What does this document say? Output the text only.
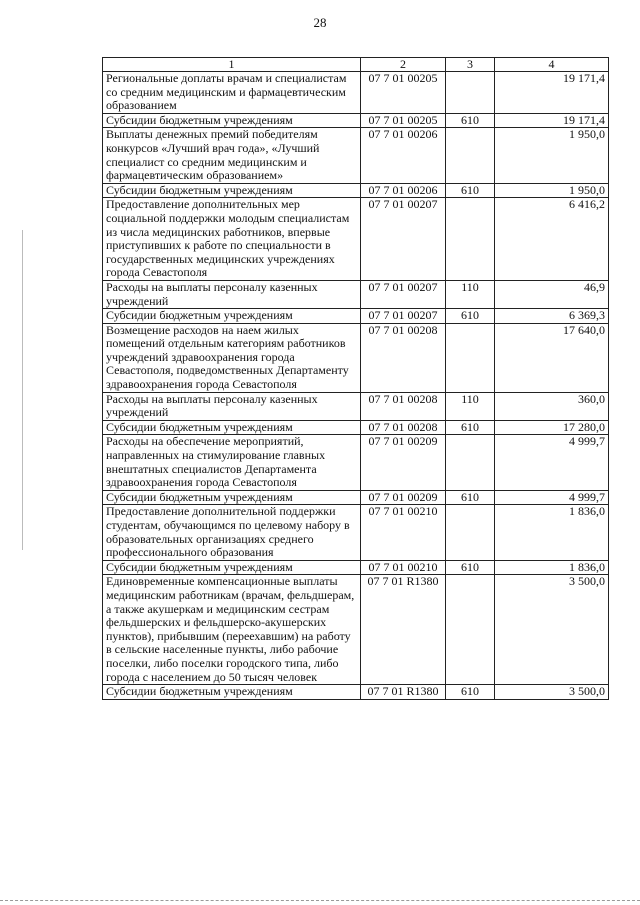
28
1	2	3	4
Региональные доплаты врачам и специалистам со средним медицинским и фармацевтическим образованием	07 7 01 00205		19 171,4
Субсидии бюджетным учреждениям	07 7 01 00205	610	19 171,4
Выплаты денежных премий победителям конкурсов «Лучший врач года», «Лучший специалист со средним медицинским и фармацевтическим образованием»	07 7 01 00206		1 950,0
Субсидии бюджетным учреждениям	07 7 01 00206	610	1 950,0
Предоставление дополнительных мер социальной поддержки молодым специалистам из числа медицинских работников, впервые приступивших к работе по специальности в государственных медицинских учреждениях города Севастополя	07 7 01 00207		6 416,2
Расходы на выплаты персоналу казенных учреждений	07 7 01 00207	110	46,9
Субсидии бюджетным учреждениям	07 7 01 00207	610	6 369,3
Возмещение расходов на наем жилых помещений отдельным категориям работников учреждений здравоохранения города Севастополя, подведомственных Департаменту здравоохранения города Севастополя	07 7 01 00208		17 640,0
Расходы на выплаты персоналу казенных учреждений	07 7 01 00208	110	360,0
Субсидии бюджетным учреждениям	07 7 01 00208	610	17 280,0
Расходы на обеспечение мероприятий, направленных на стимулирование главных внештатных специалистов Департамента здравоохранения города Севастополя	07 7 01 00209		4 999,7
Субсидии бюджетным учреждениям	07 7 01 00209	610	4 999,7
Предоставление дополнительной поддержки студентам, обучающимся по целевому набору в образовательных организациях среднего профессионального образования	07 7 01 00210		1 836,0
Субсидии бюджетным учреждениям	07 7 01 00210	610	1 836,0
Единовременные компенсационные выплаты медицинским работникам (врачам, фельдшерам, а также акушеркам и медицинским сестрам фельдшерских и фельдшерско-акушерских пунктов), прибывшим (переехавшим) на работу в сельские населенные пункты, либо рабочие поселки, либо поселки городского типа, либо города с населением до 50 тысяч человек	07 7 01 R1380		3 500,0
Субсидии бюджетным учреждениям	07 7 01 R1380	610	3 500,0
